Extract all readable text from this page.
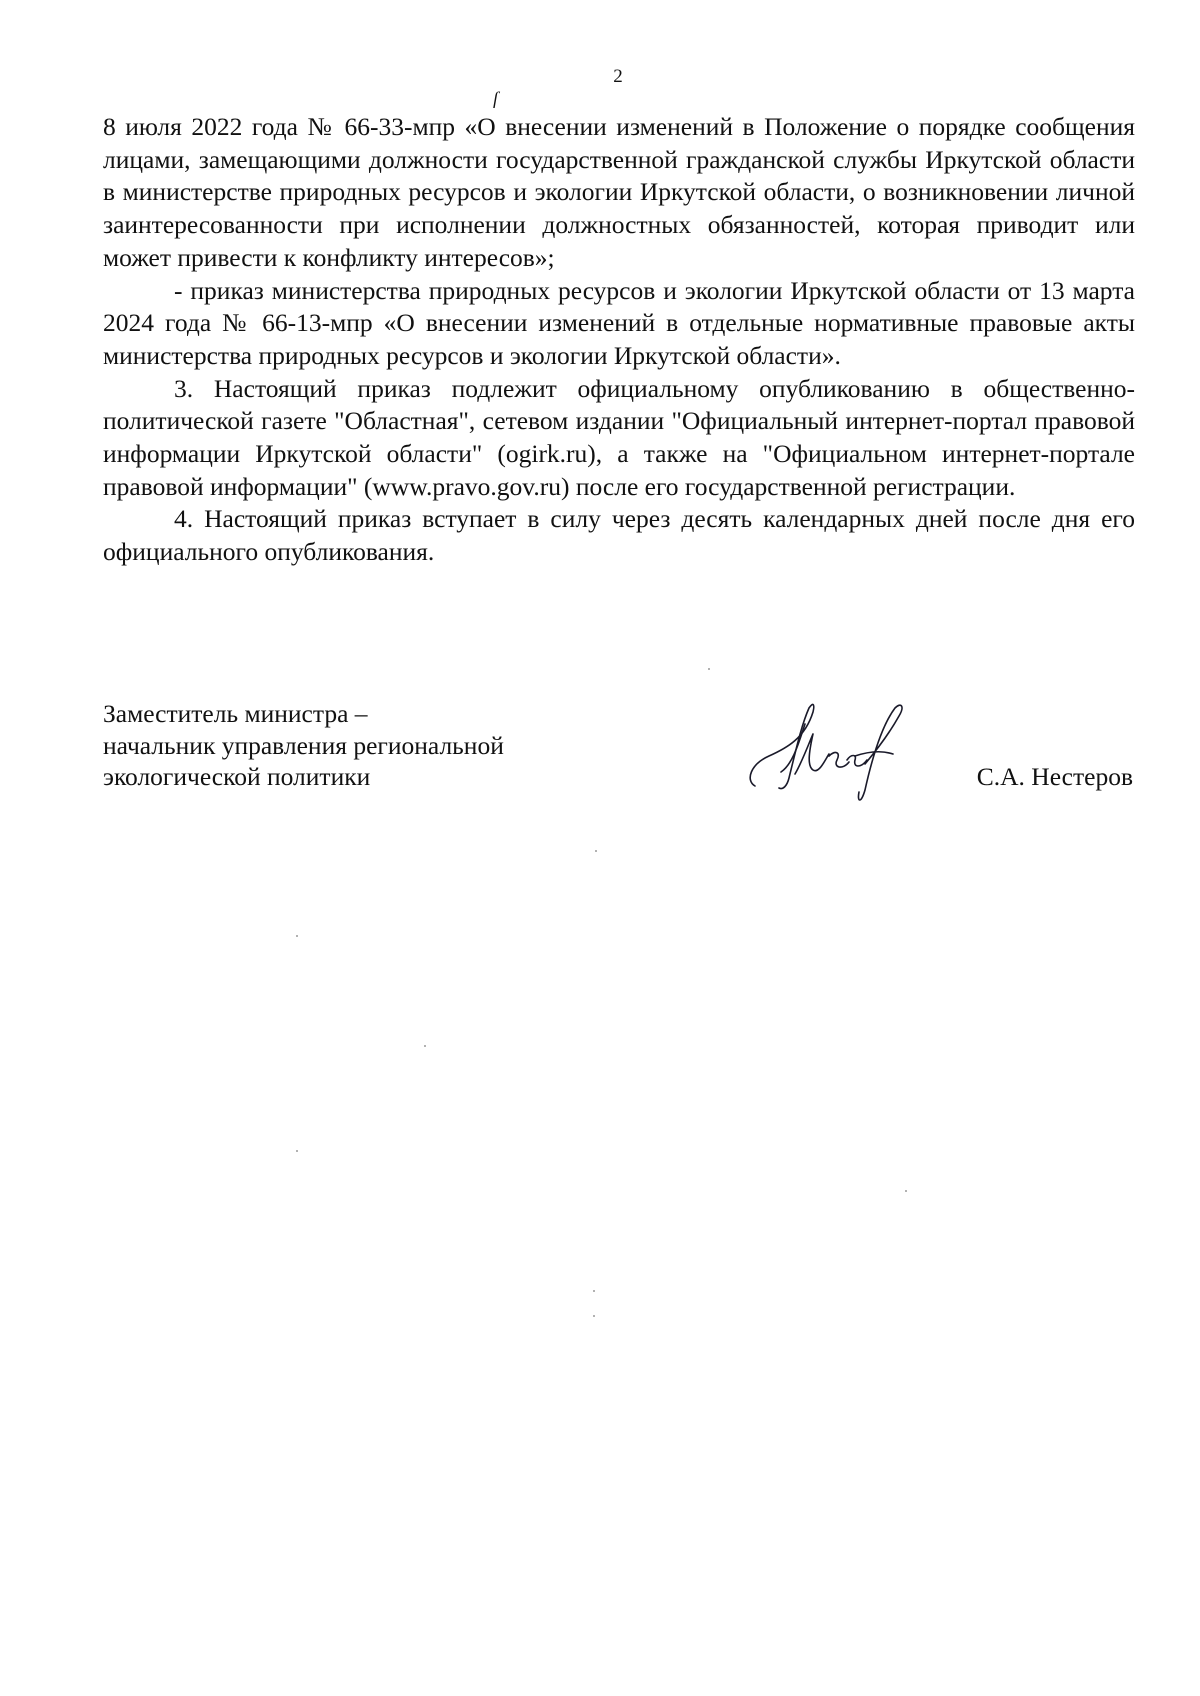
2
ſ

8 июля 2022 года № 66-33-мпр «О внесении изменений в Положение о порядке сообщения лицами, замещающими должности государственной гражданской службы Иркутской области в министерстве природных ресурсов и экологии Иркутской области, о возникновении личной заинтересованности при исполнении должностных обязанностей, которая приводит или может привести к конфликту интересов»;

- приказ министерства природных ресурсов и экологии Иркутской области от 13 марта 2024 года № 66-13-мпр «О внесении изменений в отдельные нормативные правовые акты министерства природных ресурсов и экологии Иркутской области».

3. Настоящий приказ подлежит официальному опубликованию в общественно-политической газете "Областная", сетевом издании "Официальный интернет-портал правовой информации Иркутской области" (ogirk.ru), а также на "Официальном интернет-портале правовой информации" (www.pravo.gov.ru) после его государственной регистрации.

4. Настоящий приказ вступает в силу через десять календарных дней после дня его официального опубликования.

Заместитель министра –
начальник управления региональной
экологической политики	С.А. Нестеров
